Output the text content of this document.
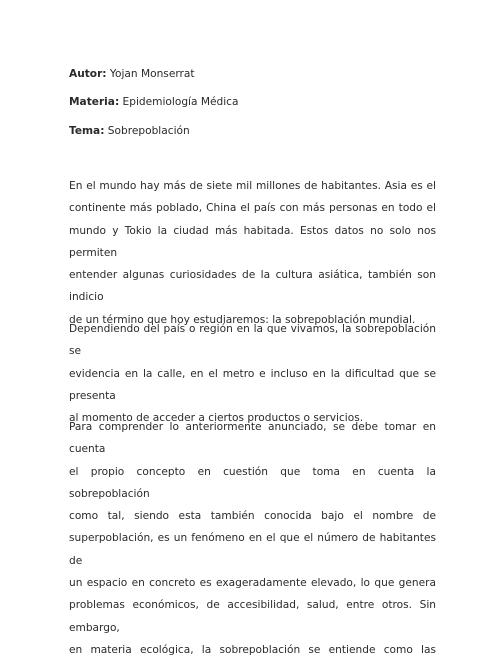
Autor: Yojan Monserrat
Materia: Epidemiología Médica
Tema: Sobrepoblación
En el mundo hay más de siete mil millones de habitantes. Asia es el
continente más poblado, China el país con más personas en todo el
mundo y Tokio la ciudad más habitada. Estos datos no solo nos permiten
entender algunas curiosidades de la cultura asiática, también son indicio
de un término que hoy estudiaremos: la sobrepoblación mundial.
Dependiendo del país o región en la que vivamos, la sobrepoblación se
evidencia en la calle, en el metro e incluso en la dificultad que se presenta
al momento de acceder a ciertos productos o servicios.
Para comprender lo anteriormente anunciado, se debe tomar en cuenta
el propio concepto en cuestión que toma en cuenta la sobrepoblación
como tal, siendo esta también conocida bajo el nombre de
superpoblación, es un fenómeno en el que el número de habitantes de
un espacio en concreto es exageradamente elevado, lo que genera
problemas económicos, de accesibilidad, salud, entre otros. Sin embargo,
en materia ecológica, la sobrepoblación se entiende como las
